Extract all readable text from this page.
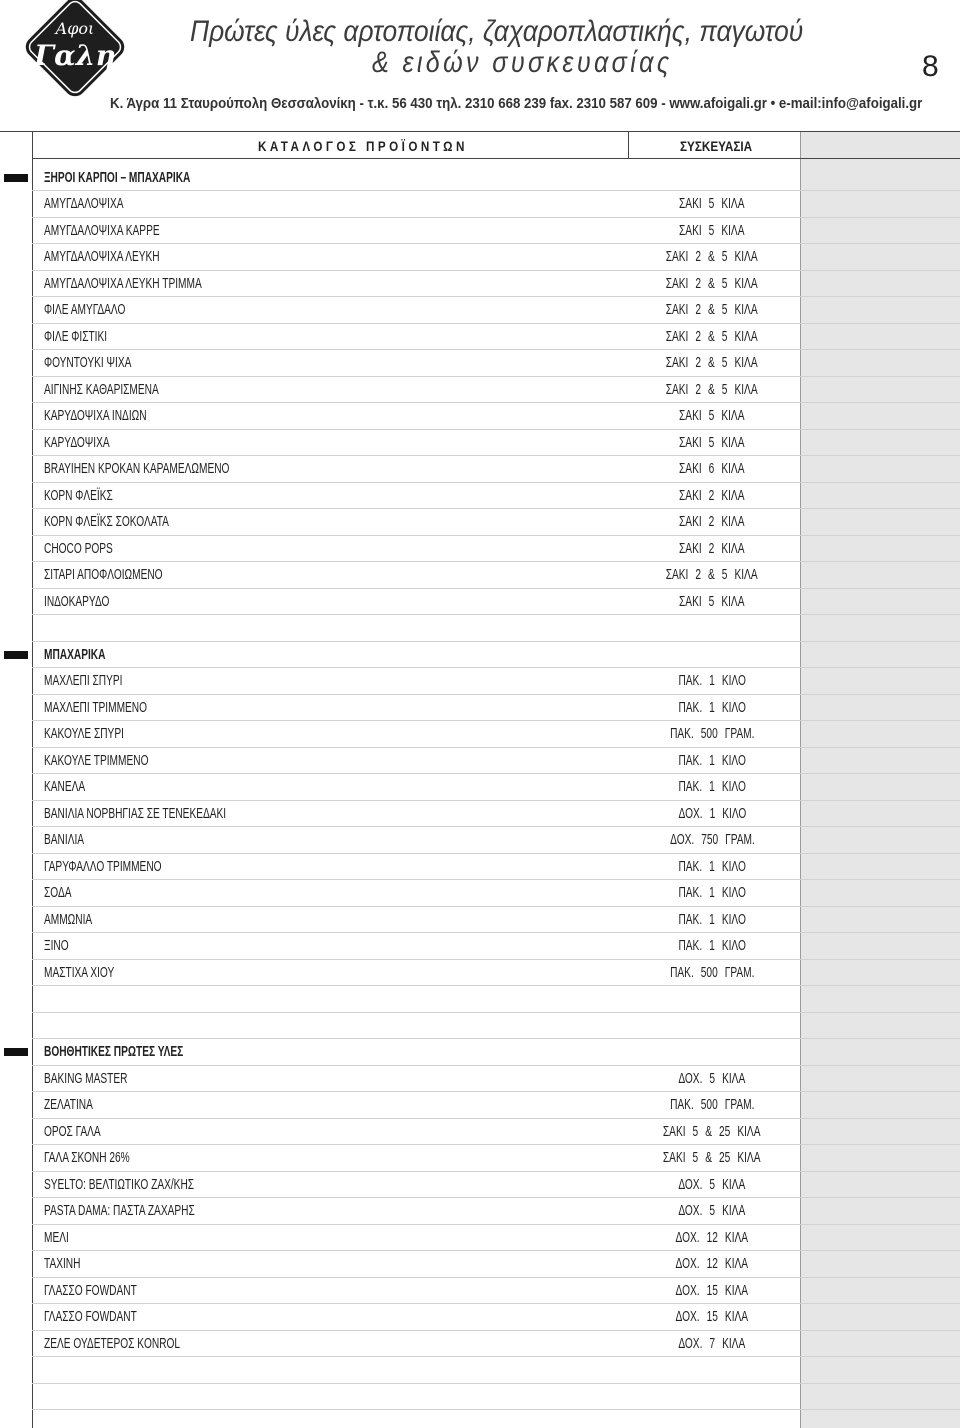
Αφοι
Γαλη
Πρώτες ύλες αρτοποιίας, ζαχαροπλαστικής, παγωτού
& ειδών συσκευασίας	8
Κ. Άγρα 11 Σταυρούπολη Θεσσαλονίκη - τ.κ. 56 430 τηλ. 2310 668 239 fax. 2310 587 609 - www.afoigali.gr • e-mail:info@afoigali.gr
ΚΑΤΑΛΟΓΟΣ ΠΡΟΪΟΝΤΩΝ	ΣΥΣΚΕΥΑΣΙΑ
ΞΗΡΟΙ ΚΑΡΠΟΙ – ΜΠΑΧΑΡΙΚΑ
ΑΜΥΓΔΑΛΟΨΙΧΑ	ΣΑΚΙ 5 ΚΙΛΑ
ΑΜΥΓΔΑΛΟΨΙΧΑ ΚΑΡΡΕ	ΣΑΚΙ 5 ΚΙΛΑ
ΑΜΥΓΔΑΛΟΨΙΧΑ ΛΕΥΚΗ	ΣΑΚΙ 2 & 5 ΚΙΛΑ
ΑΜΥΓΔΑΛΟΨΙΧΑ ΛΕΥΚΗ ΤΡΙΜΜΑ	ΣΑΚΙ 2 & 5 ΚΙΛΑ
ΦΙΛΕ ΑΜΥΓΔΑΛΟ	ΣΑΚΙ 2 & 5 ΚΙΛΑ
ΦΙΛΕ ΦΙΣΤΙΚΙ	ΣΑΚΙ 2 & 5 ΚΙΛΑ
ΦΟΥΝΤΟΥΚΙ ΨΙΧΑ	ΣΑΚΙ 2 & 5 ΚΙΛΑ
ΑΙΓΙΝΗΣ ΚΑΘΑΡΙΣΜΕΝΑ	ΣΑΚΙ 2 & 5 ΚΙΛΑ
ΚΑΡΥΔΟΨΙΧΑ ΙΝΔΙΩΝ	ΣΑΚΙ 5 ΚΙΛΑ
ΚΑΡΥΔΟΨΙΧΑ	ΣΑΚΙ 5 ΚΙΛΑ
BRAYIHEN ΚΡΟΚΑΝ ΚΑΡΑΜΕΛΩΜΕΝΟ	ΣΑΚΙ 6 ΚΙΛΑ
ΚΟΡΝ ΦΛΕΪΚΣ	ΣΑΚΙ 2 ΚΙΛΑ
ΚΟΡΝ ΦΛΕΪΚΣ ΣΟΚΟΛΑΤΑ	ΣΑΚΙ 2 ΚΙΛΑ
CHOCO POPS	ΣΑΚΙ 2 ΚΙΛΑ
ΣΙΤΑΡΙ ΑΠΟΦΛΟΙΩΜΕΝΟ	ΣΑΚΙ 2 & 5 ΚΙΛΑ
ΙΝΔΟΚΑΡΥΔΟ	ΣΑΚΙ 5 ΚΙΛΑ
ΜΠΑΧΑΡΙΚΑ
ΜΑΧΛΕΠΙ ΣΠΥΡΙ	ΠΑΚ. 1 ΚΙΛΟ
ΜΑΧΛΕΠΙ ΤΡΙΜΜΕΝΟ	ΠΑΚ. 1 ΚΙΛΟ
ΚΑΚΟΥΛΕ ΣΠΥΡΙ	ΠΑΚ. 500 ΓΡΑΜ.
ΚΑΚΟΥΛΕ ΤΡΙΜΜΕΝΟ	ΠΑΚ. 1 ΚΙΛΟ
ΚΑΝΕΛΑ	ΠΑΚ. 1 ΚΙΛΟ
ΒΑΝΙΛΙΑ ΝΟΡΒΗΓΙΑΣ ΣΕ ΤΕΝΕΚΕΔΑΚΙ	ΔΟΧ. 1 ΚΙΛΟ
ΒΑΝΙΛΙΑ	ΔΟΧ. 750 ΓΡΑΜ.
ΓΑΡΥΦΑΛΛΟ ΤΡΙΜΜΕΝΟ	ΠΑΚ. 1 ΚΙΛΟ
ΣΟΔΑ	ΠΑΚ. 1 ΚΙΛΟ
ΑΜΜΩΝΙΑ	ΠΑΚ. 1 ΚΙΛΟ
ΞΙΝΟ	ΠΑΚ. 1 ΚΙΛΟ
ΜΑΣΤΙΧΑ ΧΙΟΥ	ΠΑΚ. 500 ΓΡΑΜ.
ΒΟΗΘΗΤΙΚΕΣ ΠΡΩΤΕΣ ΥΛΕΣ
BAKING MASTER	ΔΟΧ. 5 ΚΙΛΑ
ΖΕΛΑΤΙΝΑ	ΠΑΚ. 500 ΓΡΑΜ.
ΟΡΟΣ ΓΑΛΑ	ΣΑΚΙ 5 & 25 ΚΙΛΑ
ΓΑΛΑ ΣΚΟΝΗ 26%	ΣΑΚΙ 5 & 25 ΚΙΛΑ
SYELTO: ΒΕΛΤΙΩΤΙΚΟ ΖΑΧ/ΚΗΣ	ΔΟΧ. 5 ΚΙΛΑ
PASTA DAMA: ΠΑΣΤΑ ΖΑΧΑΡΗΣ	ΔΟΧ. 5 ΚΙΛΑ
ΜΕΛΙ	ΔΟΧ. 12 ΚΙΛΑ
ΤΑΧΙΝΗ	ΔΟΧ. 12 ΚΙΛΑ
ΓΛΑΣΣΟ FOWDANT	ΔΟΧ. 15 ΚΙΛΑ
ΓΛΑΣΣΟ FOWDANT	ΔΟΧ. 15 ΚΙΛΑ
ΖΕΛΕ ΟΥΔΕΤΕΡΟΣ KONROL	ΔΟΧ. 7 ΚΙΛΑ
